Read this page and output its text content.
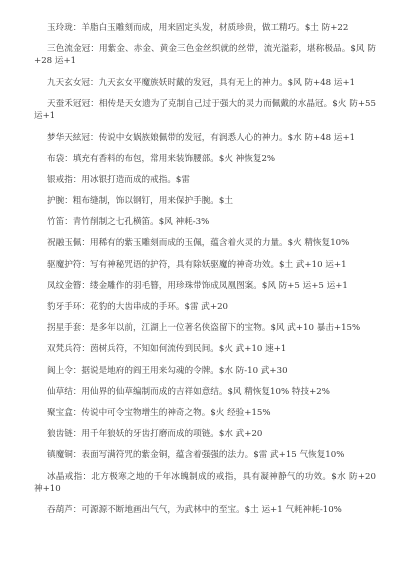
玉玲珑：羊脂白玉雕刻而成，用来固定头发，材质珍贵，做工精巧。$土 防+22

三色流金冠：用紫金、赤金、黄金三色金丝织就的丝带，流光溢彩，堪称极品。$风 防+28 运+1

九天玄女冠：九天玄女平魔族妖时戴的发冠，具有无上的神力。$风 防+48 运+1

天蚕禾冠冠：相传是天女遗为了克制自己过于强大的灵力而佩戴的水晶冠。$火 防+55 运+1

梦华天絃冠：传说中女娲族娘佩带的发冠，有润悉人心的神力。$水 防+48 运+1

布袋：填充有香料的布包，常用来装饰腰部。$火 神恢复2%

银戒指：用冰银打造而成的戒指。$雷

护腕：粗布缝制，饰以钢钉，用来保护手腕。$土

竹笛：青竹削制之七孔横笛。$风 神耗-3%

祝融玉佩：用稀有的紫玉雕刻而成的玉佩，蕴含着火灵的力量。$火 精恢复10%

驱魔护符：写有神秘咒语的护符，具有除妖驱魔的神奇功效。$土 武+10 运+1

凤纹金簪：缕金雕作的羽毛簪，用珍珠带饰成凤凰图案。$风 防+5 运+5 运+1

豹牙手环：花豹的大齿串成的手环。$雷 武+20

拐星手套：是多年以前，江湖上一位著名侠盗留下的宝物。$风 武+10 暴击+15%

双梵兵符：茵树兵符，不知如何流传到民间。$火 武+10 速+1

阆上令：据说是地府的阎王用来勾魂的令牌。$水 防-10 武+30

仙草结：用仙界的仙草编制而成的吉祥如意结。$风 精恢复10% 特技+2%

聚宝盒：传说中可令宝物增生的神奇之物。$火 经验+15%

狼齿链：用千年狼妖的牙齿打磨而成的项链。$水 武+20

镇魔铜：表面写满符咒的紫金铜，蕴含着强强的法力。$雷 武+15 气恢复10%

冰晶戒指：北方极寒之地的千年冰魄制成的戒指，具有凝神静气的功效。$水 防+20 神+10

吞葫芦：可源源不断地画出气气，为武林中的至宝。$土 运+1 气耗神耗-10%
